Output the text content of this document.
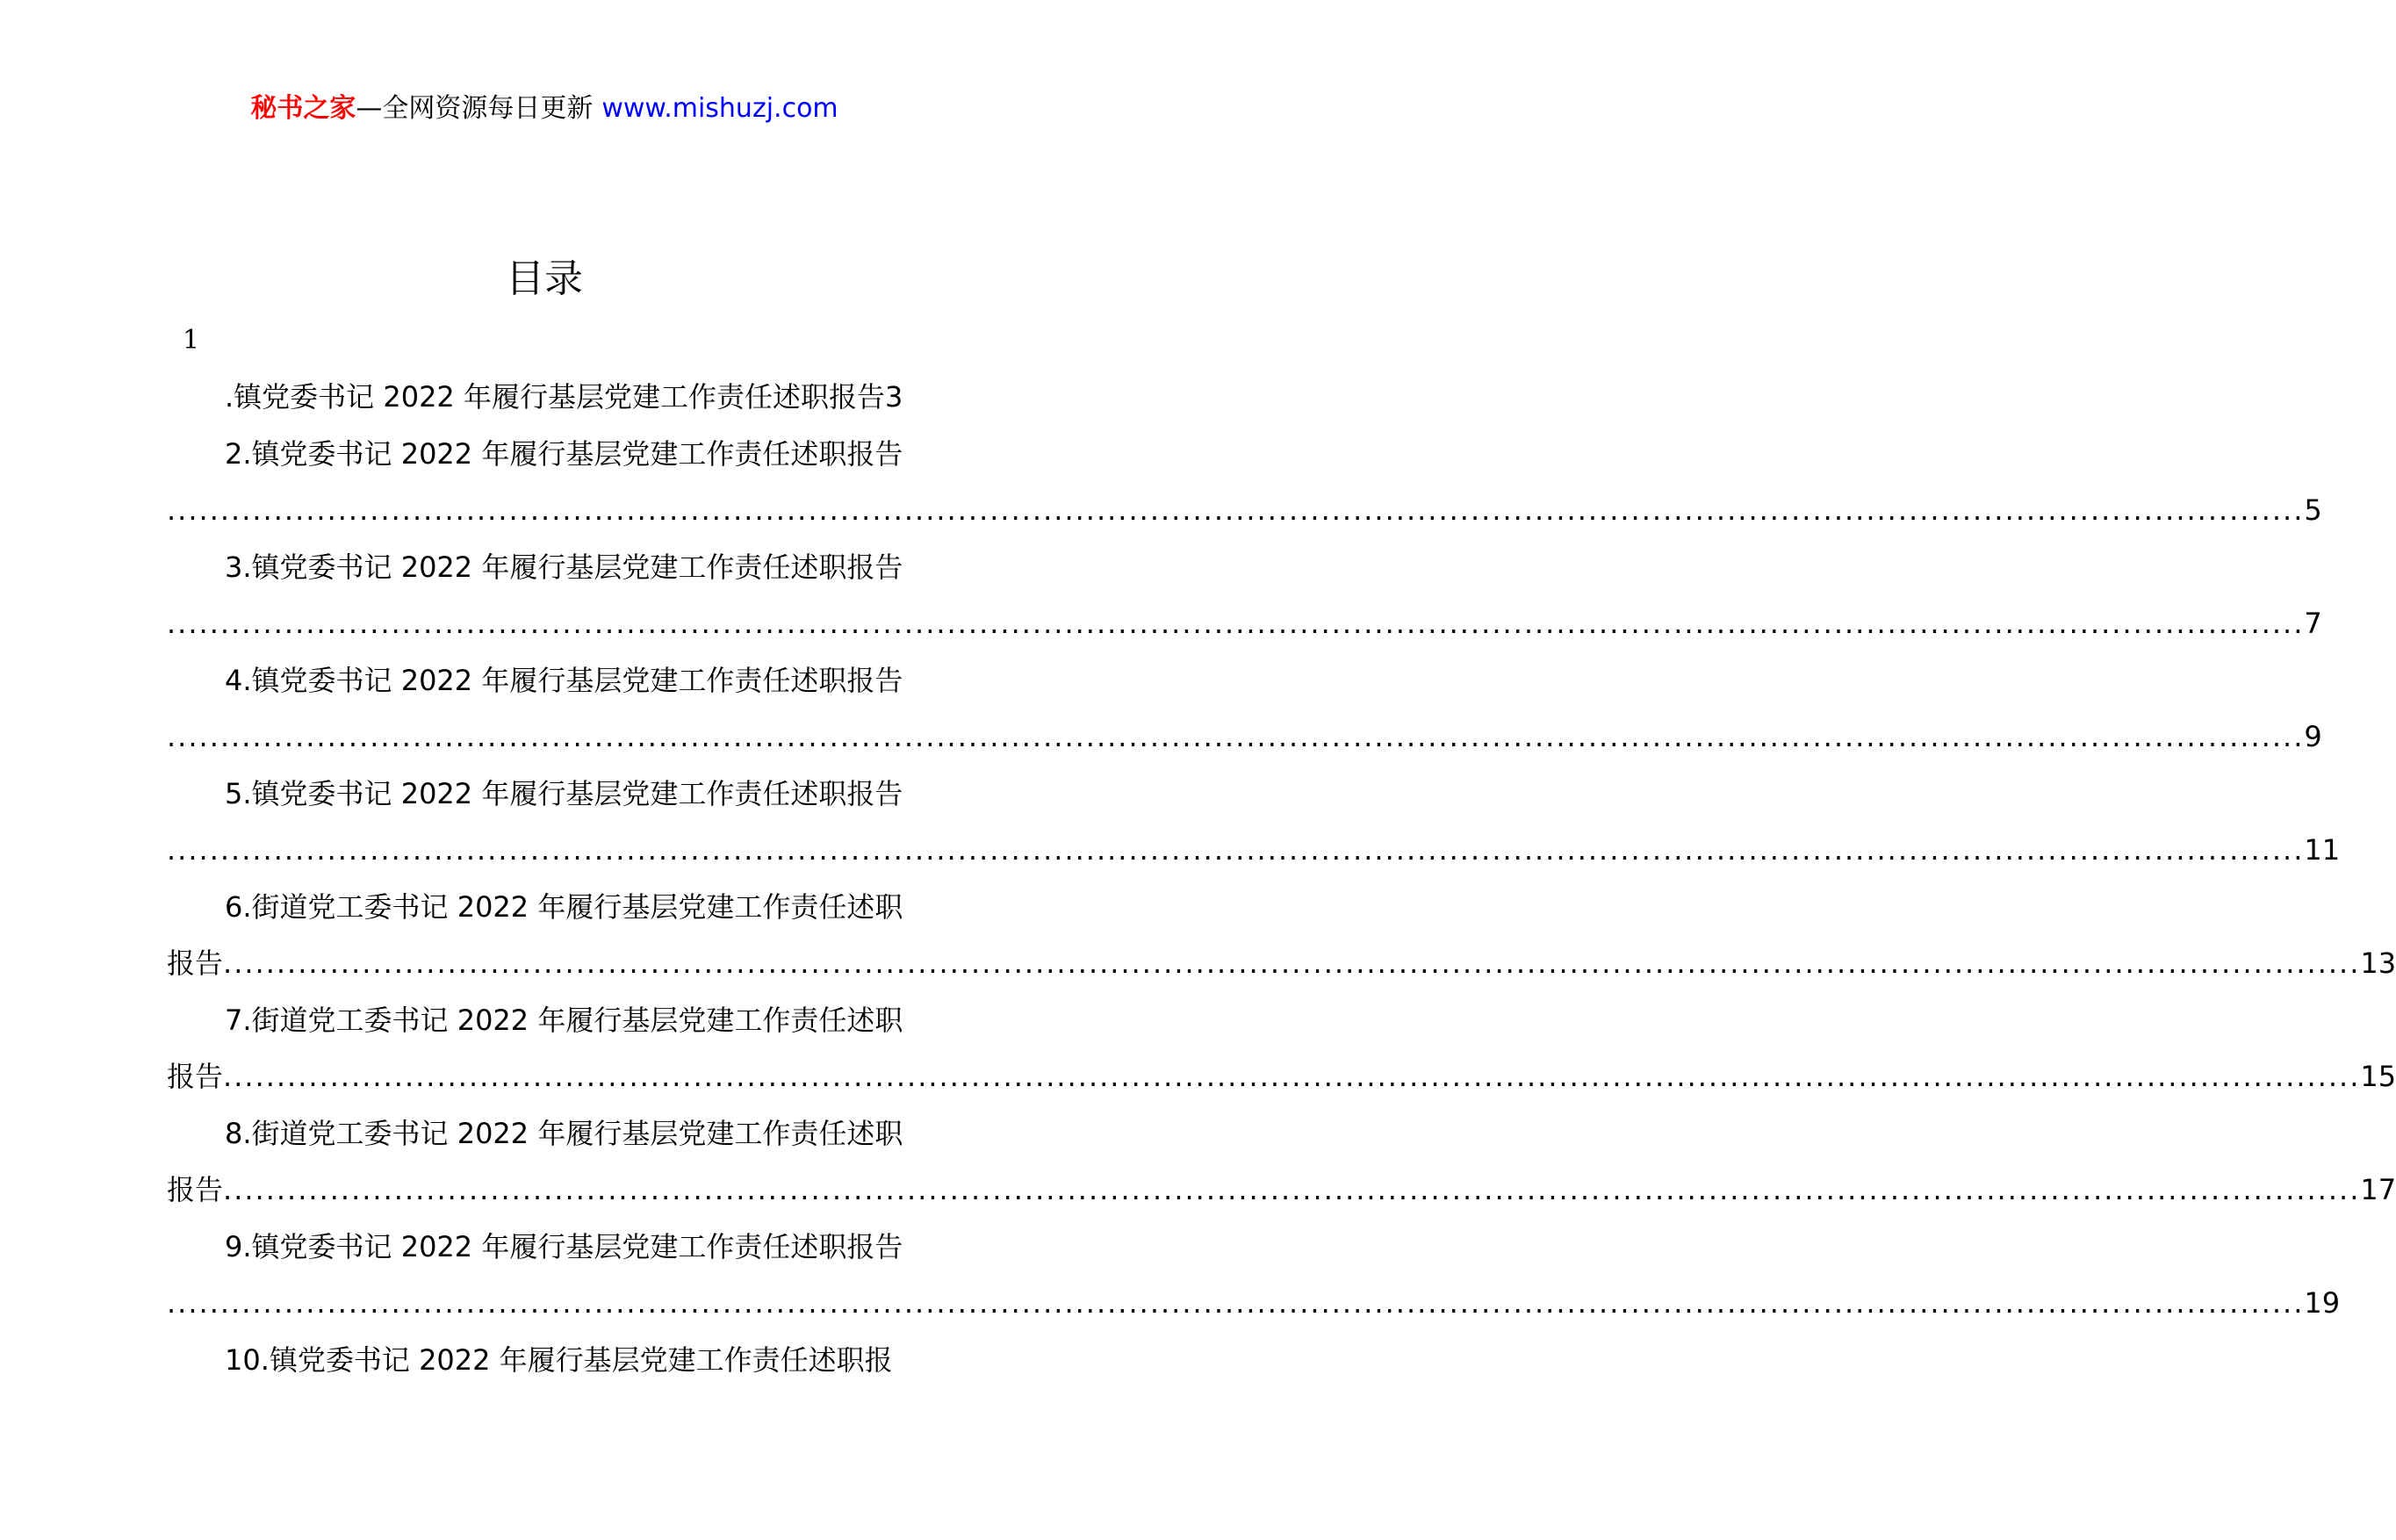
秘书之家—全网资源每日更新 www.mishuzj.com
目录
1
.镇党委书记 2022 年履行基层党建工作责任述职报告3
2.镇党委书记 2022 年履行基层党建工作责任述职报告
........................................................................................................................................................................................................ 5
3.镇党委书记 2022 年履行基层党建工作责任述职报告
........................................................................................................................................................................................................ 7
4.镇党委书记 2022 年履行基层党建工作责任述职报告
........................................................................................................................................................................................................ 9
5.镇党委书记 2022 年履行基层党建工作责任述职报告
........................................................................................................................................................................................................ 11
6.街道党工委书记 2022 年履行基层党建工作责任述职
报告 ........................................................................................................................................................................................................ 13
7.街道党工委书记 2022 年履行基层党建工作责任述职
报告 ........................................................................................................................................................................................................ 15
8.街道党工委书记 2022 年履行基层党建工作责任述职
报告 ........................................................................................................................................................................................................ 17
9.镇党委书记 2022 年履行基层党建工作责任述职报告
........................................................................................................................................................................................................ 19
10.镇党委书记 2022 年履行基层党建工作责任述职报
